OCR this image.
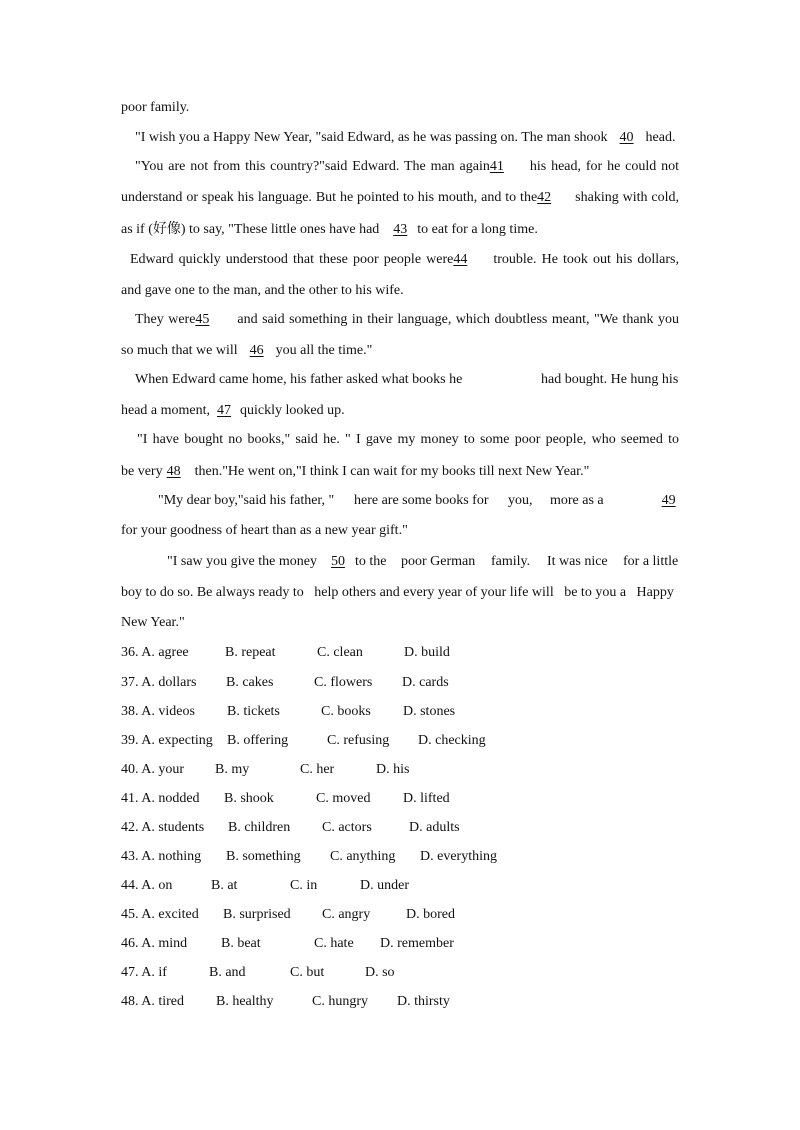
poor family.
"I wish you a Happy New Year, "said Edward, as he was passing on. The man shook 40 head.
"You are not from this country?"said Edward. The man again41 his head, for he could not
understand or speak his language. But he pointed to his mouth, and to the42 shaking with cold,
as if (好像) to say, "These little ones have had 43 to eat for a long time.
Edward quickly understood that these poor people were44 trouble. He took out his dollars,
and gave one to the man, and the other to his wife.
They were45 and said something in their language, which doubtless meant, "We thank you
so much that we will 46 you all the time."
When Edward came home, his father asked what books he	had bought. He hung his
head a moment, 47 quickly looked up.
"I have bought no books," said he. " I gave my money to some poor people, who seemed to
be very 48 then."He went on,"I think I can wait for my books till next New Year."
"My dear boy,"said his father, " here are some books for you, more as a	49
for your goodness of heart than as a new year gift."
"I saw you give the money 50 to the poor German family. It was nice for a little
boy to do so. Be always ready to   help others and every year of your life will   be to you a   Happy
New Year."
36. A. agree	B. repeat	C. clean	D. build
37. A. dollars B. cakes	C. flowers D. cards
38. A. videos B. tickets	C. books D. stones
39. A. expecting B. offering	C. refusing D. checking
40. A. your B. my	C. her	D. his
41. A. nodded B. shook	C. moved D. lifted
42. A. students B. children C. actors	D. adults
43. A. nothing B. something C. anything D. everything
44. A. on	B. at	C. in	D. under
45. A. excited B. surprised C. angry	D. bored
46. A. mind B. beat	C. hate D. remember
47. A. if	B. and	C. but	D. so
48. A. tired B. healthy	C. hungry D. thirsty
